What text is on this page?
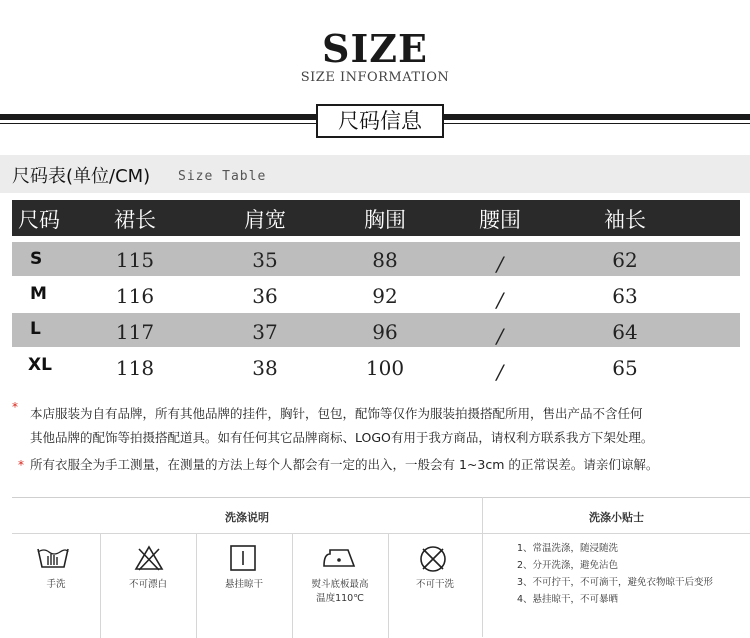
SIZE
SIZE INFORMATION
尺码信息
尺码表(单位/CM) Size Table
尺码	裙长	肩宽	胸围	腰围	袖长
S	115	35	88	/	62
M	116	36	92	/	63
L	117	37	96	/	64
XL	118	38	100	/	65
* 本店服装为自有品牌，所有其他品牌的挂件，胸针，包包，配饰等仅作为服装拍摄搭配所用，售出产品不含任何
其他品牌的配饰等拍摄搭配道具。如有任何其它品牌商标、LOGO有用于我方商品，请权利方联系我方下架处理。
* 所有衣服全为手工测量，在测量的方法上每个人都会有一定的出入，一般会有 1~3cm 的正常误差。请亲们谅解。
洗涤说明	洗涤小贴士
手洗	不可漂白	悬挂晾干	熨斗底板最高
温度110℃
不可干洗
1、常温洗涤，随浸随洗
2、分开洗涤，避免沾色
3、不可拧干，不可滴干，避免衣物晾干后变形
4、悬挂晾干，不可暴晒
